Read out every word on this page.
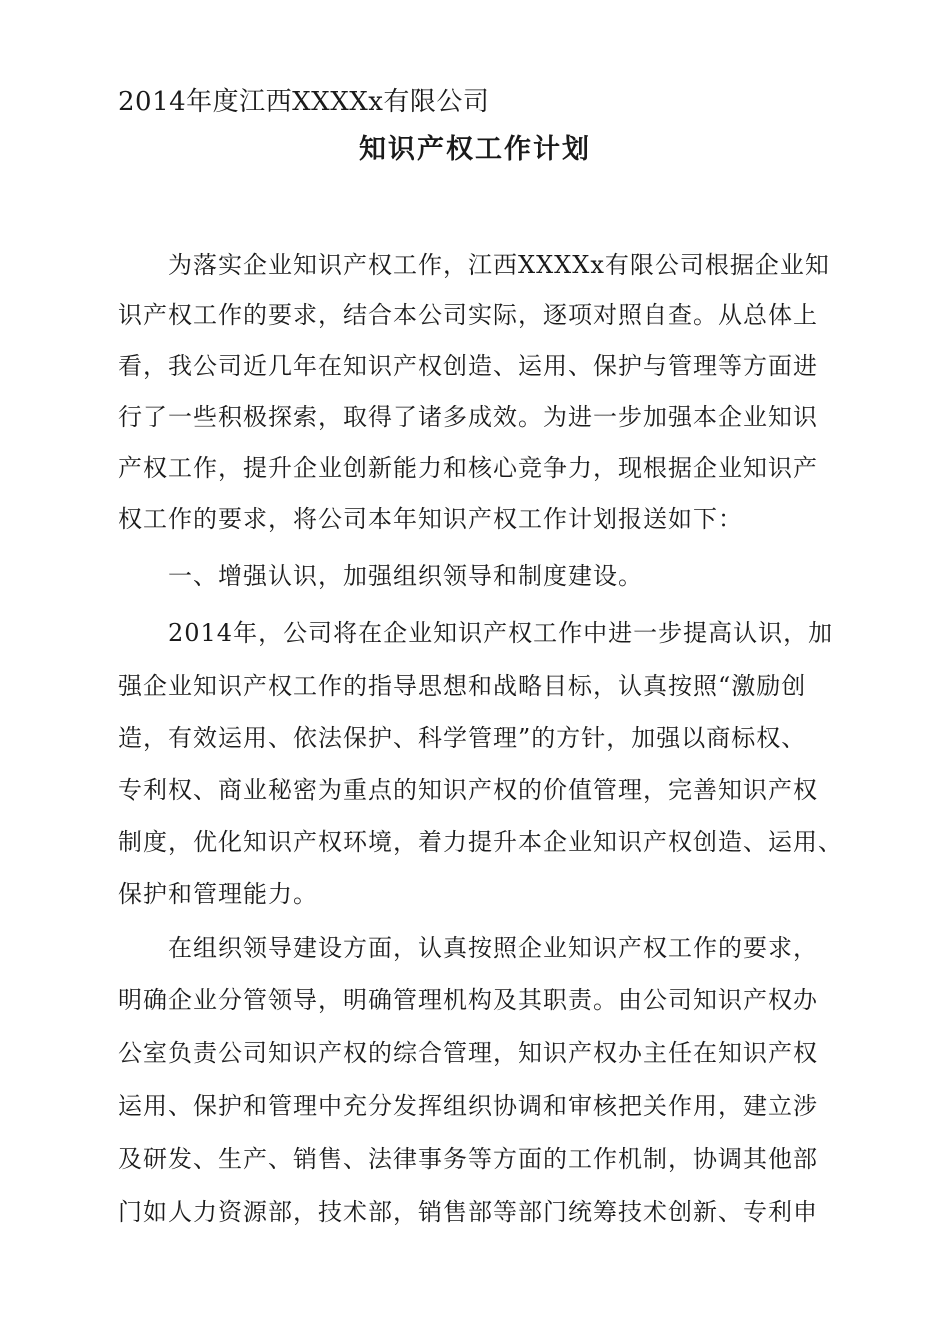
2014年度江西XXXXx有限公司
知识产权工作计划
为落实企业知识产权工作，江西XXXXx有限公司根据企业知
识产权工作的要求，结合本公司实际，逐项对照自查。从总体上
看，我公司近几年在知识产权创造、运用、保护与管理等方面进
行了一些积极探索，取得了诸多成效。为进一步加强本企业知识
产权工作，提升企业创新能力和核心竞争力，现根据企业知识产
权工作的要求，将公司本年知识产权工作计划报送如下：
一、增强认识，加强组织领导和制度建设。
2014年，公司将在企业知识产权工作中进一步提高认识，加
强企业知识产权工作的指导思想和战略目标，认真按照“激励创
造，有效运用、依法保护、科学管理”的方针，加强以商标权、
专利权、商业秘密为重点的知识产权的价值管理，完善知识产权
制度，优化知识产权环境，着力提升本企业知识产权创造、运用、
保护和管理能力。
在组织领导建设方面，认真按照企业知识产权工作的要求，
明确企业分管领导，明确管理机构及其职责。由公司知识产权办
公室负责公司知识产权的综合管理，知识产权办主任在知识产权
运用、保护和管理中充分发挥组织协调和审核把关作用，建立涉
及研发、生产、销售、法律事务等方面的工作机制，协调其他部
门如人力资源部，技术部，销售部等部门统筹技术创新、专利申
